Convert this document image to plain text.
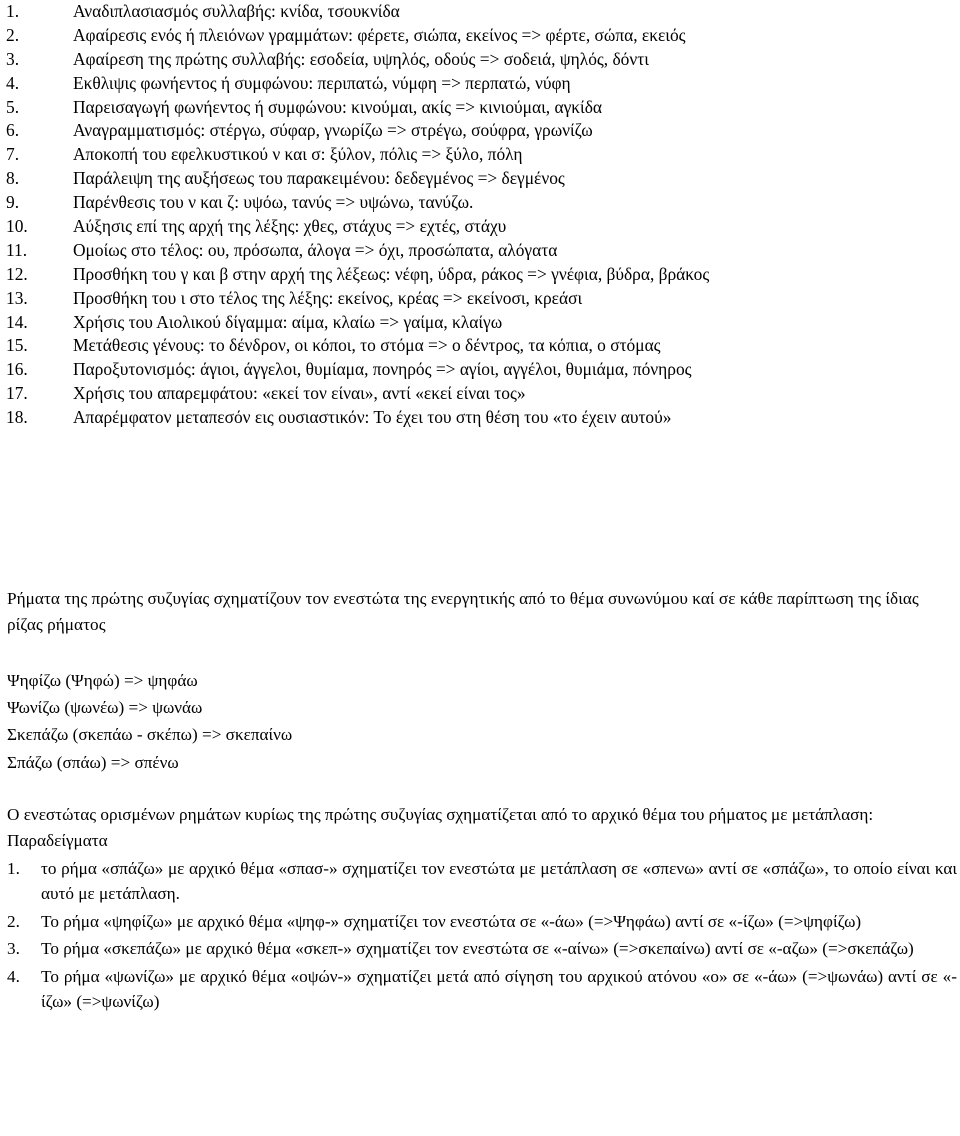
1.	Αναδιπλασιασμός συλλαβής: κνίδα, τσουκνίδα
2.	Αφαίρεσις ενός ή πλειόνων γραμμάτων: φέρετε, σιώπα, εκείνος => φέρτε, σώπα, εκειός
3.	Αφαίρεση της πρώτης συλλαβής: εσοδεία, υψηλός, οδούς => σοδειά, ψηλός, δόντι
4.	Εκθλιψις φωνήεντος ή συμφώνου: περιπατώ, νύμφη => περπατώ, νύφη
5.	Παρεισαγωγή φωνήεντος ή συμφώνου: κινούμαι, ακίς => κινιούμαι, αγκίδα
6.	Αναγραμματισμός: στέργω, σύφαρ, γνωρίζω => στρέγω, σούφρα, γρωνίζω
7.	Αποκοπή του εφελκυστικού ν και σ: ξύλον, πόλις => ξύλο, πόλη
8.	Παράλειψη της αυξήσεως του παρακειμένου: δεδεγμένος => δεγμένος
9.	Παρένθεσις του ν και ζ: υψόω, τανύς => υψώνω, τανύζω.
10.	Αύξησις επί της αρχή της λέξης: χθες, στάχυς => εχτές, στάχυ
11.	Ομοίως στο τέλος: ου, πρόσωπα, άλογα => όχι, προσώπατα, αλόγατα
12.	Προσθήκη του γ και β στην αρχή της λέξεως: νέφη, ύδρα, ράκος => γνέφια, βύδρα, βράκος
13.	Προσθήκη του ι στο τέλος της λέξης: εκείνος, κρέας => εκείνοσι, κρεάσι
14.	Χρήσις του Αιολικού δίγαμμα: αίμα, κλαίω => γαίμα, κλαίγω
15.	Μετάθεσις γένους: το δένδρον, οι κόποι, το στόμα => ο δέντρος, τα κόπια, ο στόμας
16.	Παροξυτονισμός: άγιοι, άγγελοι, θυμίαμα, πονηρός => αγίοι, αγγέλοι, θυμιάμα, πόνηρος
17.	Χρήσις του απαρεμφάτου: «εκεί τον είναι», αντί «εκεί είναι τος»
18.	Απαρέμφατον μεταπεσόν εις ουσιαστικόν: Το έχει του στη θέση του «το έχειν αυτού»

Ρήματα της πρώτης συζυγίας σχηματίζουν τον ενεστώτα της ενεργητικής από το θέμα συνωνύμου καί σε κάθε παρίπτωση της ίδιας ρίζας ρήματος

Ψηφίζω (Ψηφώ) => ψηφάω
Ψωνίζω (ψωνέω) => ψωνάω
Σκεπάζω (σκεπάω - σκέπω) => σκεπαίνω
Σπάζω (σπάω) => σπένω

Ο ενεστώτας ορισμένων ρημάτων κυρίως της πρώτης συζυγίας σχηματίζεται από το αρχικό θέμα του ρήματος με μετάπλαση: Παραδείγματα

1.	το ρήμα «σπάζω» με αρχικό θέμα «σπασ-» σχηματίζει τον ενεστώτα με μετάπλαση σε «σπενω» αντί σε «σπάζω», το οποίο είναι και αυτό με μετάπλαση.
2.	Το ρήμα «ψηφίζω» με αρχικό θέμα «ψηφ-» σχηματίζει τον ενεστώτα σε «-άω» (=>Ψηφάω) αντί σε «-ίζω» (=>ψηφίζω)
3.	Το ρήμα «σκεπάζω» με αρχικό θέμα «σκεπ-» σχηματίζει τον ενεστώτα σε «-αίνω» (=>σκεπαίνω) αντί σε «-αζω» (=>σκεπάζω)
4.	Το ρήμα «ψωνίζω» με αρχικό θέμα «οψών-» σχηματίζει μετά από σίγηση του αρχικού ατόνου «ο» σε «-άω» (=>ψωνάω) αντί σε «-ίζω» (=>ψωνίζω)
